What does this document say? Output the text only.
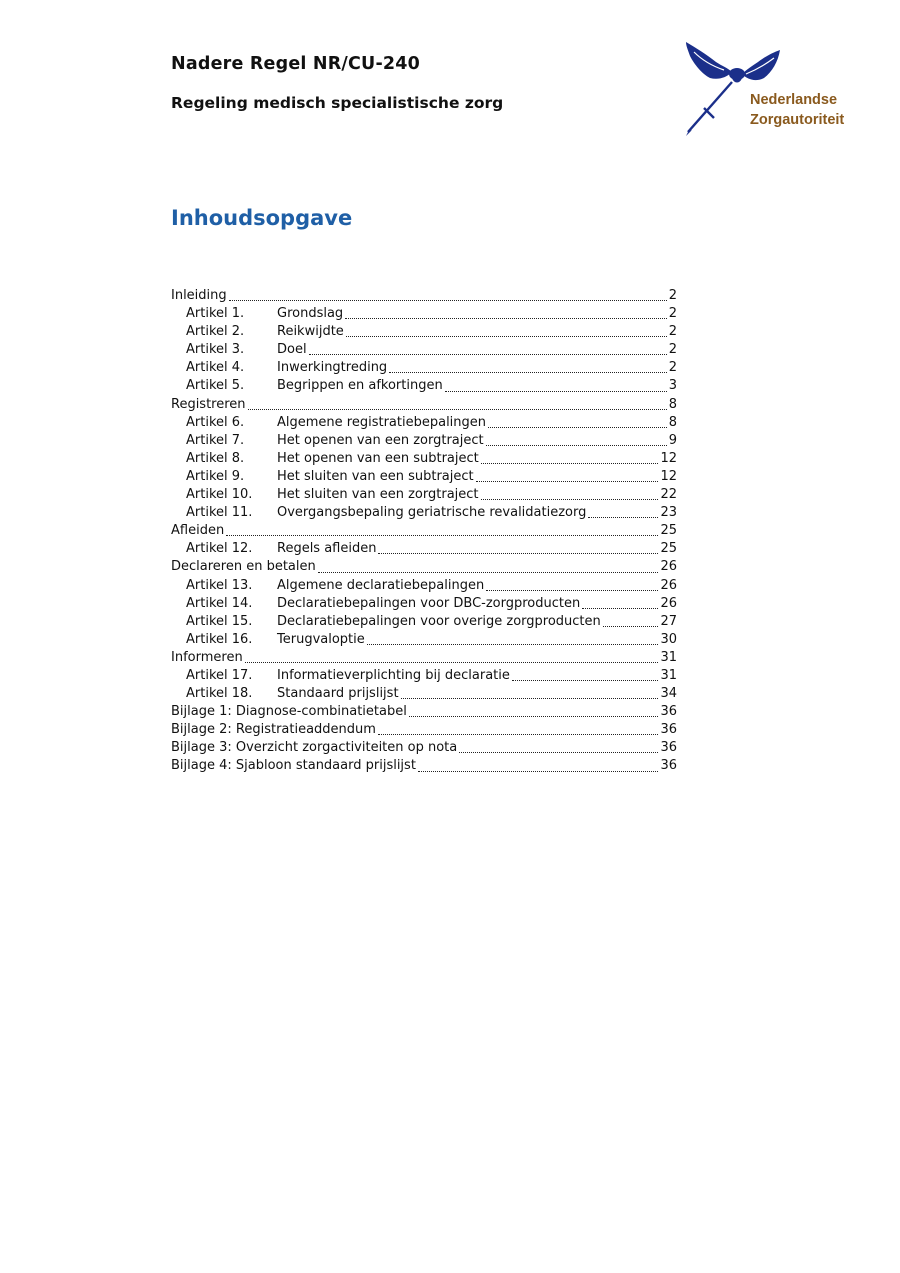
Nadere Regel NR/CU-240
Regeling medisch specialistische zorg	Nederlandse
Zorgautoriteit
Inhoudsopgave
Inleiding	2
Artikel 1.	Grondslag	2
Artikel 2.	Reikwijdte	2
Artikel 3.	Doel	2
Artikel 4.	Inwerkingtreding	2
Artikel 5.	Begrippen en afkortingen	3
Registreren	8
Artikel 6.	Algemene registratiebepalingen	8
Artikel 7.	Het openen van een zorgtraject	9
Artikel 8.	Het openen van een subtraject	12
Artikel 9.	Het sluiten van een subtraject	12
Artikel 10.	Het sluiten van een zorgtraject	22
Artikel 11.	Overgangsbepaling geriatrische revalidatiezorg	23
Afleiden	25
Artikel 12.	Regels afleiden	25
Declareren en betalen	26
Artikel 13.	Algemene declaratiebepalingen	26
Artikel 14.	Declaratiebepalingen voor DBC-zorgproducten	26
Artikel 15.	Declaratiebepalingen voor overige zorgproducten	27
Artikel 16.	Terugvaloptie	30
Informeren	31
Artikel 17.	Informatieverplichting bij declaratie	31
Artikel 18.	Standaard prijslijst	34
Bijlage 1: Diagnose-combinatietabel	36
Bijlage 2: Registratieaddendum	36
Bijlage 3: Overzicht zorgactiviteiten op nota	36
Bijlage 4: Sjabloon standaard prijslijst	36
